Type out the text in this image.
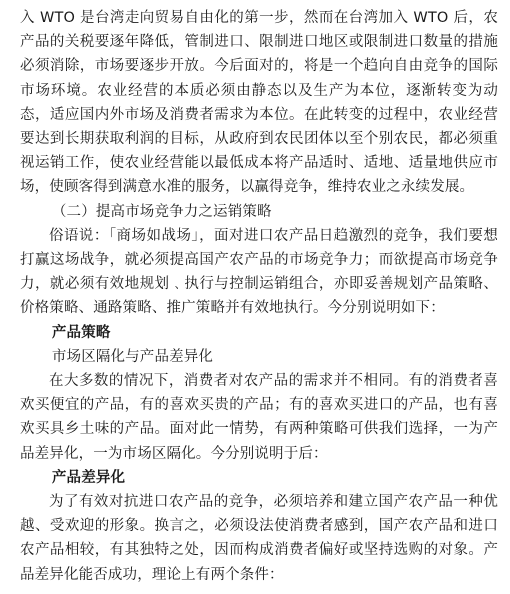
入 WTO 是台湾走向贸易自由化的第一步，然而在台湾加入 WTO 后，农产品的关税要逐年降低，管制进口、限制进口地区或限制进口数量的措施必须消除，市场要逐步开放。今后面对的，将是一个趋向自由竞争的国际市场环境。农业经营的本质必须由静态以及生产为本位，逐渐转变为动态，适应国内外市场及消费者需求为本位。在此转变的过程中，农业经营要达到长期获取利润的目标，从政府到农民团体以至个别农民，都必须重视运销工作，使农业经营能以最低成本将产品适时、适地、适量地供应市场，使顾客得到满意水准的服务，以赢得竞争，维持农业之永续发展。

（二）提高市场竞争力之运销策略

俗语说：「商场如战场」，面对进口农产品日趋激烈的竞争，我们要想打赢这场战争，就必须提高国产农产品的市场竞争力；而欲提高市场竞争力，就必须有效地规划﹑执行与控制运销组合，亦即妥善规划产品策略、价格策略、通路策略、推广策略并有效地执行。今分别说明如下：

产品策略

市场区隔化与产品差异化

在大多数的情况下，消费者对农产品的需求并不相同。有的消费者喜欢买便宜的产品，有的喜欢买贵的产品；有的喜欢买进口的产品，也有喜欢买具乡土味的产品。面对此一情势，有两种策略可供我们选择，一为产品差异化，一为市场区隔化。今分别说明于后：

产品差异化

为了有效对抗进口农产品的竞争，必须培养和建立国产农产品一种优越、受欢迎的形象。换言之，必须设法使消费者感到，国产农产品和进口农产品相较，有其独特之处，因而构成消费者偏好或坚持选购的对象。产品差异化能否成功，理论上有两个条件：
